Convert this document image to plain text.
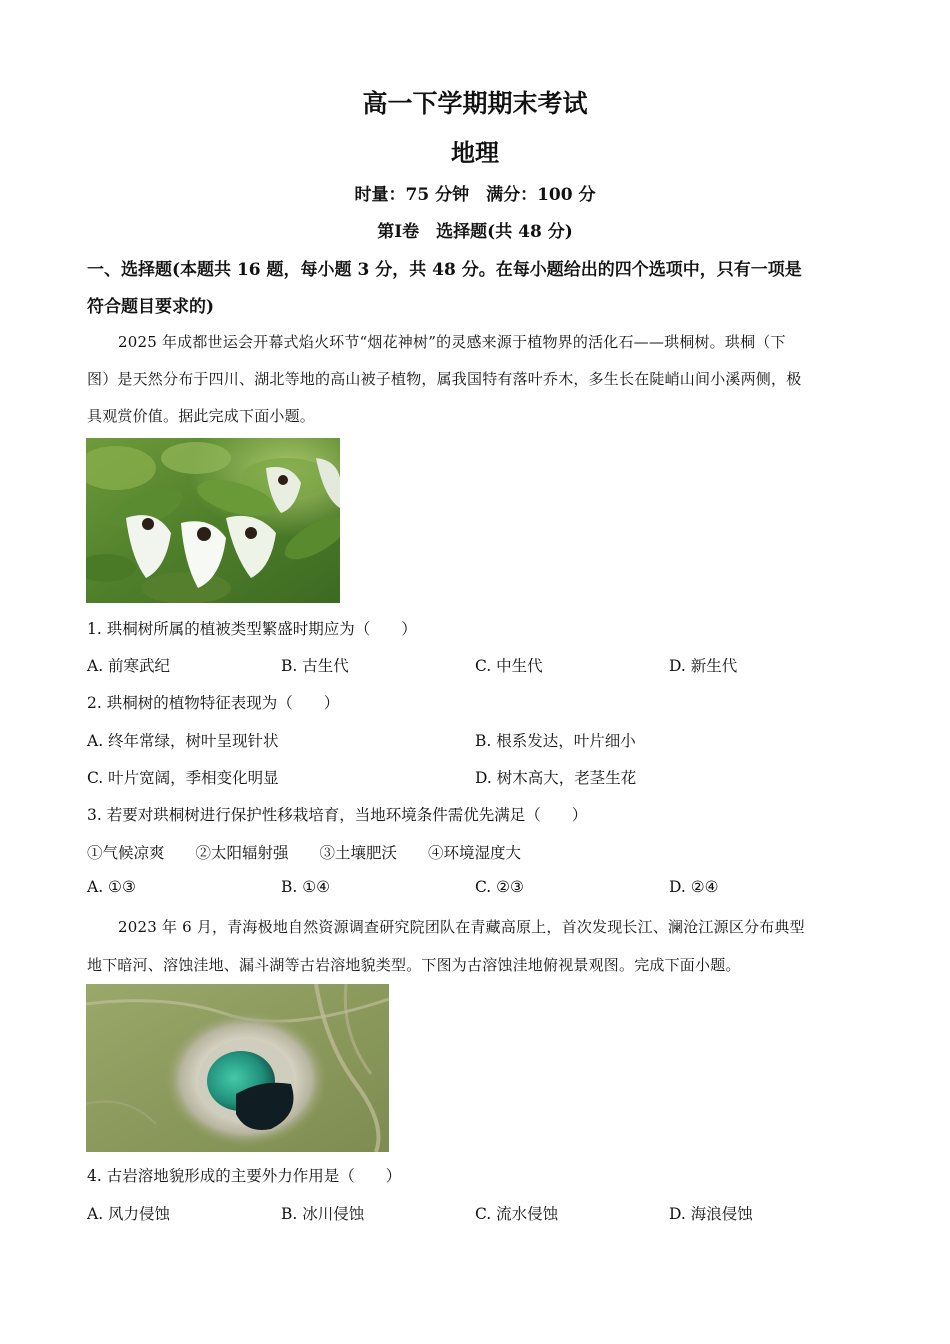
高一下学期期末考试
地理
时量：75 分钟　满分：100 分
第Ⅰ卷　选择题(共 48 分)
一、选择题(本题共 16 题，每小题 3 分，共 48 分。在每小题给出的四个选项中，只有一项是
符合题目要求的)
2025 年成都世运会开幕式焰火环节“烟花神树”的灵感来源于植物界的活化石——珙桐树。珙桐（下
图）是天然分布于四川、湖北等地的高山被子植物，属我国特有落叶乔木，多生长在陡峭山间小溪两侧，极
具观赏价值。据此完成下面小题。
1. 珙桐树所属的植被类型繁盛时期应为（　　）
A. 前寒武纪	B. 古生代	C. 中生代	D. 新生代
2. 珙桐树的植物特征表现为（　　）
A. 终年常绿，树叶呈现针状	B. 根系发达，叶片细小
C. 叶片宽阔，季相变化明显	D. 树木高大，老茎生花
3. 若要对珙桐树进行保护性移栽培育，当地环境条件需优先满足（　　）
①气候凉爽　　②太阳辐射强　　③土壤肥沃　　④环境湿度大
A. ①③	B. ①④	C. ②③	D. ②④
2023 年 6 月，青海极地自然资源调查研究院团队在青藏高原上，首次发现长江、澜沧江源区分布典型
地下暗河、溶蚀洼地、漏斗湖等古岩溶地貌类型。下图为古溶蚀洼地俯视景观图。完成下面小题。
4. 古岩溶地貌形成的主要外力作用是（　　）
A. 风力侵蚀	B. 冰川侵蚀	C. 流水侵蚀	D. 海浪侵蚀
